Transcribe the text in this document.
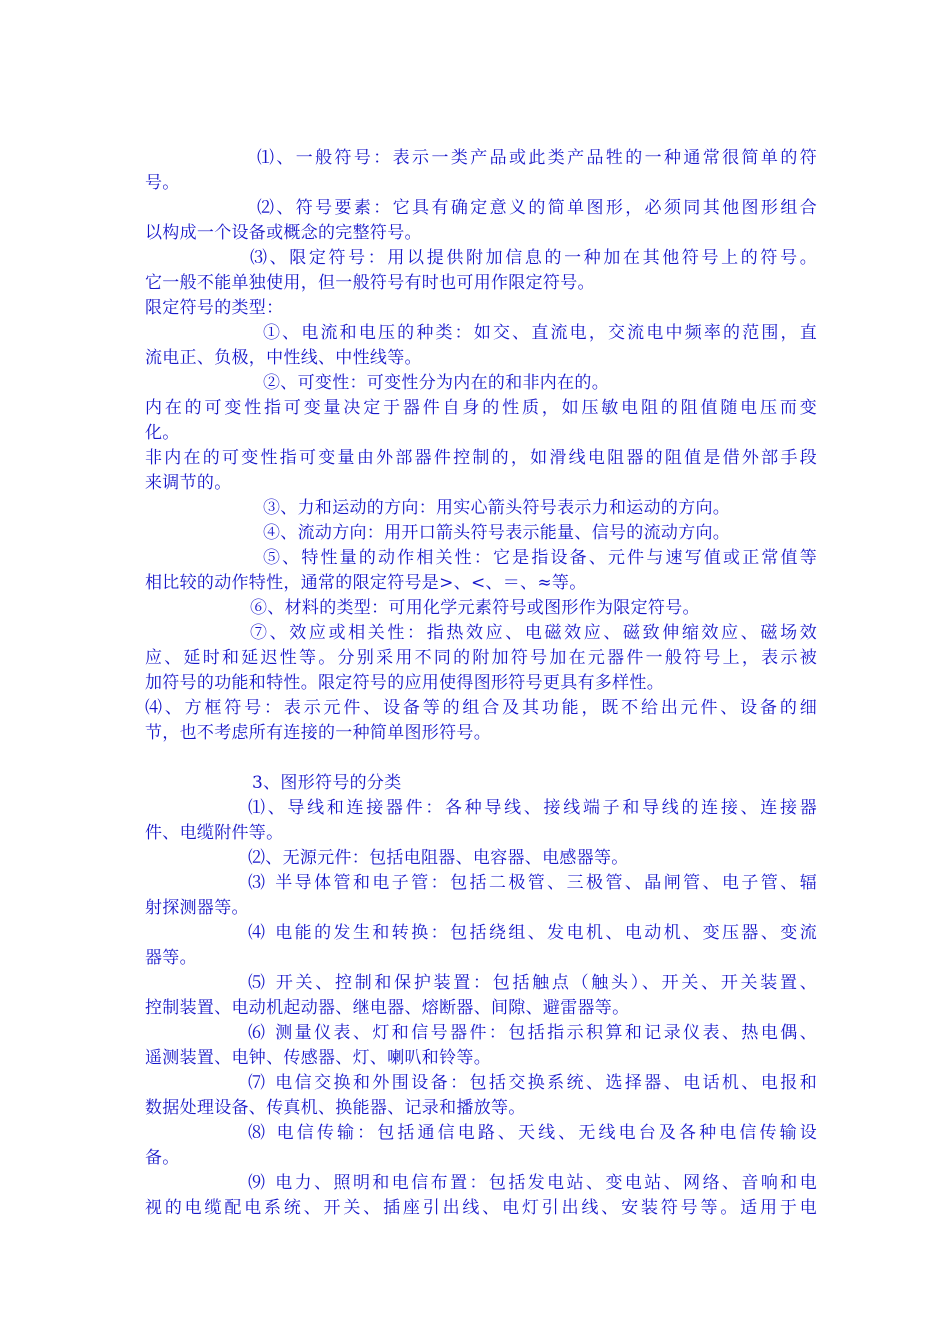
⑴、一般符号：表示一类产品或此类产品牲的一种通常很简单的符
号。
⑵、符号要素：它具有确定意义的简单图形，必须同其他图形组合
以构成一个设备或概念的完整符号。
⑶、限定符号：用以提供附加信息的一种加在其他符号上的符号。
它一般不能单独使用，但一般符号有时也可用作限定符号。
限定符号的类型：
①、电流和电压的种类：如交、直流电，交流电中频率的范围，直
流电正、负极，中性线、中性线等。
②、可变性：可变性分为内在的和非内在的。
内在的可变性指可变量决定于器件自身的性质，如压敏电阻的阻值随电压而变
化。
非内在的可变性指可变量由外部器件控制的，如滑线电阻器的阻值是借外部手段
来调节的。
③、力和运动的方向：用实心箭头符号表示力和运动的方向。
④、流动方向：用开口箭头符号表示能量、信号的流动方向。
⑤、特性量的动作相关性：它是指设备、元件与速写值或正常值等
相比较的动作特性，通常的限定符号是>、<、＝、≈等。
⑥、材料的类型：可用化学元素符号或图形作为限定符号。
⑦、效应或相关性：指热效应、电磁效应、磁致伸缩效应、磁场效
应、延时和延迟性等。分别采用不同的附加符号加在元器件一般符号上，表示被
加符号的功能和特性。限定符号的应用使得图形符号更具有多样性。
⑷、方框符号：表示元件、设备等的组合及其功能，既不给出元件、设备的细
节，也不考虑所有连接的一种简单图形符号。
3、图形符号的分类
⑴、导线和连接器件：各种导线、接线端子和导线的连接、连接器
件、电缆附件等。
⑵、无源元件：包括电阻器、电容器、电感器等。
⑶ 半导体管和电子管：包括二极管、三极管、晶闸管、电子管、辐
射探测器等。
⑷ 电能的发生和转换：包括绕组、发电机、电动机、变压器、变流
器等。
⑸ 开关、控制和保护装置：包括触点（触头）、开关、开关装置、
控制装置、电动机起动器、继电器、熔断器、间隙、避雷器等。
⑹ 测量仪表、灯和信号器件：包括指示积算和记录仪表、热电偶、
遥测装置、电钟、传感器、灯、喇叭和铃等。
⑺ 电信交换和外围设备：包括交换系统、选择器、电话机、电报和
数据处理设备、传真机、换能器、记录和播放等。
⑻ 电信传输：包括通信电路、天线、无线电台及各种电信传输设
备。
⑼ 电力、照明和电信布置：包括发电站、变电站、网络、音响和电
视的电缆配电系统、开关、插座引出线、电灯引出线、安装符号等。适用于电
